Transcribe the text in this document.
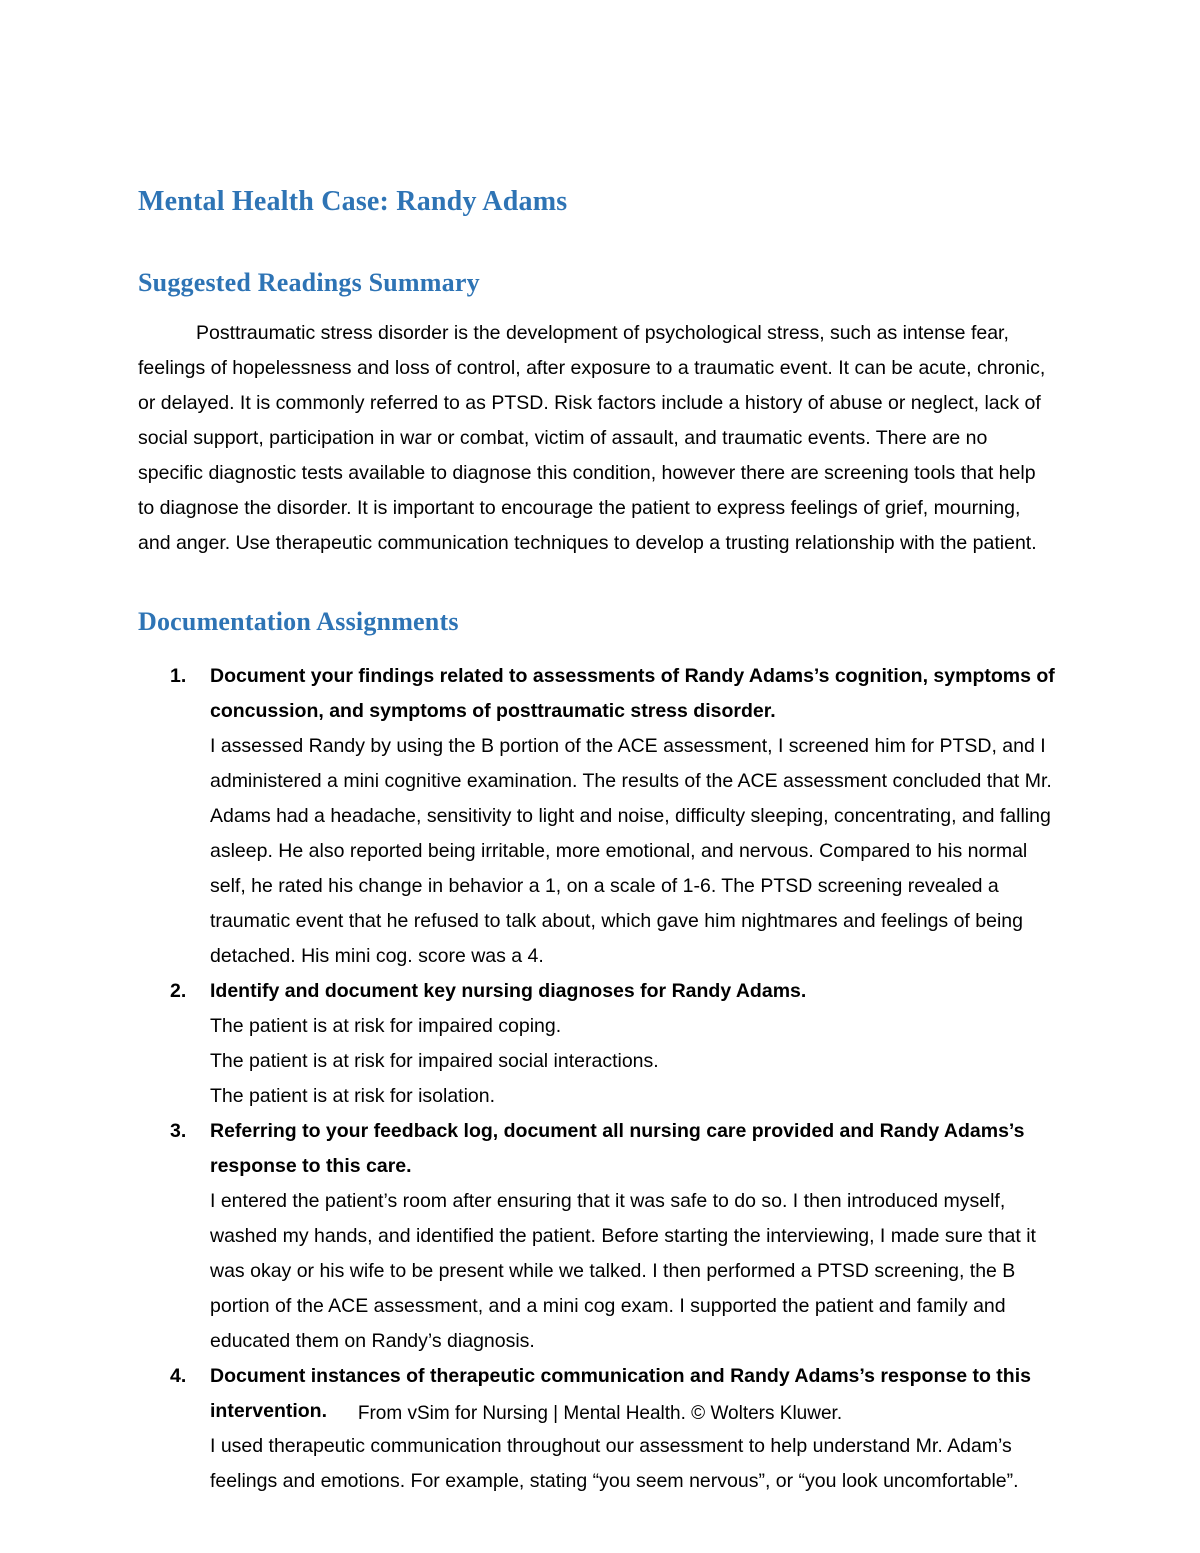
Mental Health Case: Randy Adams
Suggested Readings Summary

Posttraumatic stress disorder is the development of psychological stress, such as intense fear, feelings of hopelessness and loss of control, after exposure to a traumatic event. It can be acute, chronic, or delayed. It is commonly referred to as PTSD. Risk factors include a history of abuse or neglect, lack of social support, participation in war or combat, victim of assault, and traumatic events. There are no specific diagnostic tests available to diagnose this condition, however there are screening tools that help to diagnose the disorder. It is important to encourage the patient to express feelings of grief, mourning, and anger. Use therapeutic communication techniques to develop a trusting relationship with the patient.

Documentation Assignments
Document your findings related to assessments of Randy Adams’s cognition, symptoms of concussion, and symptoms of posttraumatic stress disorder.
I assessed Randy by using the B portion of the ACE assessment, I screened him for PTSD, and I administered a mini cognitive examination. The results of the ACE assessment concluded that Mr. Adams had a headache, sensitivity to light and noise, difficulty sleeping, concentrating, and falling asleep. He also reported being irritable, more emotional, and nervous. Compared to his normal self, he rated his change in behavior a 1, on a scale of 1-6. The PTSD screening revealed a traumatic event that he refused to talk about, which gave him nightmares and feelings of being detached. His mini cog. score was a 4.
Identify and document key nursing diagnoses for Randy Adams.
The patient is at risk for impaired coping.
The patient is at risk for impaired social interactions.
The patient is at risk for isolation.
Referring to your feedback log, document all nursing care provided and Randy Adams’s response to this care.
I entered the patient’s room after ensuring that it was safe to do so. I then introduced myself, washed my hands, and identified the patient. Before starting the interviewing, I made sure that it was okay or his wife to be present while we talked. I then performed a PTSD screening, the B portion of the ACE assessment, and a mini cog exam. I supported the patient and family and educated them on Randy’s diagnosis.
Document instances of therapeutic communication and Randy Adams’s response to this intervention.
I used therapeutic communication throughout our assessment to help understand Mr. Adam’s feelings and emotions. For example, stating “you seem nervous”, or “you look uncomfortable”.
From vSim for Nursing | Mental Health. © Wolters Kluwer.
